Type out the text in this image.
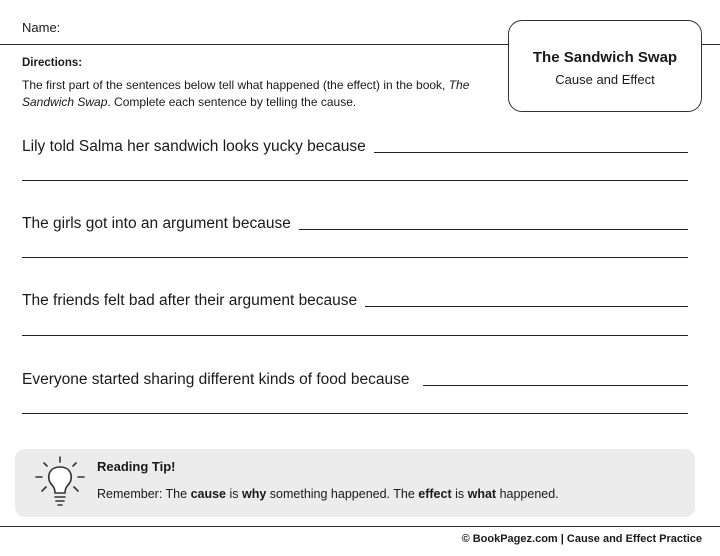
Name:
The Sandwich Swap
Cause and Effect
Directions:
The first part of the sentences below tell what happened (the effect) in the book, The Sandwich Swap. Complete each sentence by telling the cause.
Lily told Salma her sandwich looks yucky because
The girls got into an argument because
The friends felt bad after their argument because
Everyone started sharing different kinds of food because
Reading Tip!
Remember: The cause is why something happened. The effect is what happened.
© BookPagez.com | Cause and Effect Practice
